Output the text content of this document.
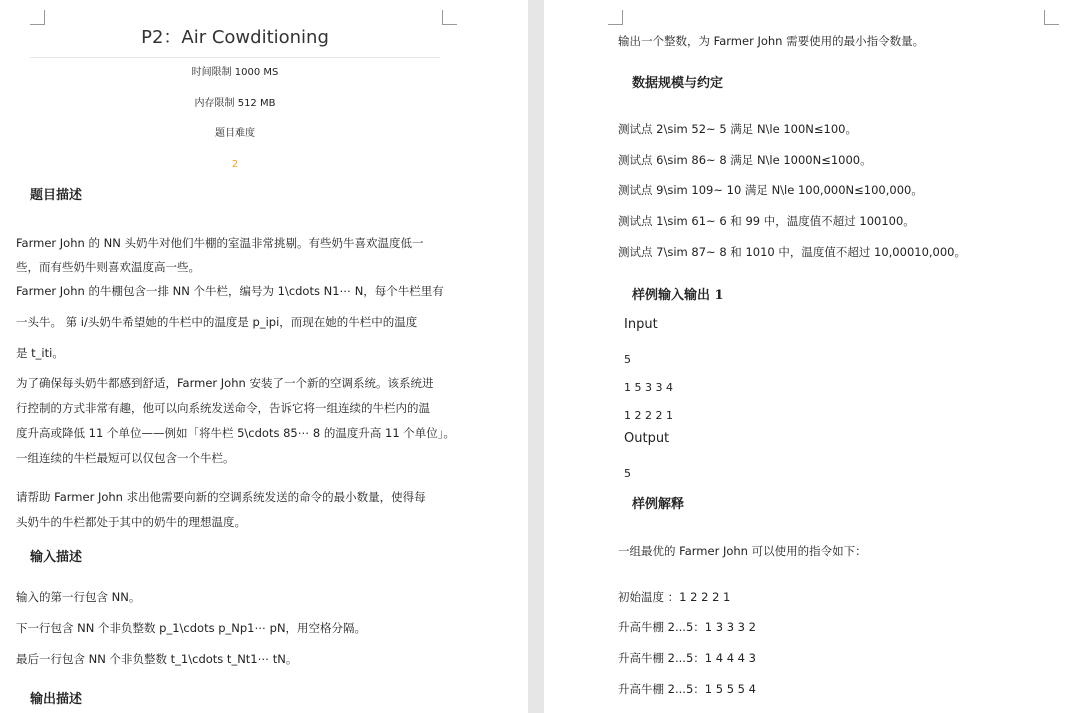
P2：Air Cowditioning
时间限制 1000 MS
内存限制 512 MB
题目难度
2
题目描述
Farmer John 的 NN 头奶牛对他们牛棚的室温非常挑剔。有些奶牛喜欢温度低一
些，而有些奶牛则喜欢温度高一些。
Farmer John 的牛棚包含一排 NN 个牛栏，编号为 1\cdots N1⋯ N，每个牛栏里有
一头牛。 第 i/头奶牛希望她的牛栏中的温度是 p_ipi，而现在她的牛栏中的温度
是 t_iti。
为了确保每头奶牛都感到舒适，Farmer John 安装了一个新的空调系统。该系统进
行控制的方式非常有趣，他可以向系统发送命令，告诉它将一组连续的牛栏内的温
度升高或降低 11 个单位——例如「将牛栏 5\cdots 85⋯ 8 的温度升高 11 个单位」。
一组连续的牛栏最短可以仅包含一个牛栏。
请帮助 Farmer John 求出他需要向新的空调系统发送的命令的最小数量，使得每
头奶牛的牛栏都处于其中的奶牛的理想温度。
输入描述
输入的第一行包含 NN。
下一行包含 NN 个非负整数 p_1\cdots p_Np1⋯ pN，用空格分隔。
最后一行包含 NN 个非负整数 t_1\cdots t_Nt1⋯ tN。
输出描述
输出一个整数，为 Farmer John 需要使用的最小指令数量。
数据规模与约定
测试点 2\sim 52~ 5 满足 N\le 100N≤100。
测试点 6\sim 86~ 8 满足 N\le 1000N≤1000。
测试点 9\sim 109~ 10 满足 N\le 100,000N≤100,000。
测试点 1\sim 61~ 6 和 99 中，温度值不超过 100100。
测试点 7\sim 87~ 8 和 1010 中，温度值不超过 10,00010,000。
样例输入输出 1
Input
5
1 5 3 3 4
1 2 2 2 1
Output
5
样例解释
一组最优的 Farmer John 可以使用的指令如下：
初始温度 ：1 2 2 2 1
升高牛棚 2...5：1 3 3 3 2
升高牛棚 2...5：1 4 4 4 3
升高牛棚 2...5：1 5 5 5 4
